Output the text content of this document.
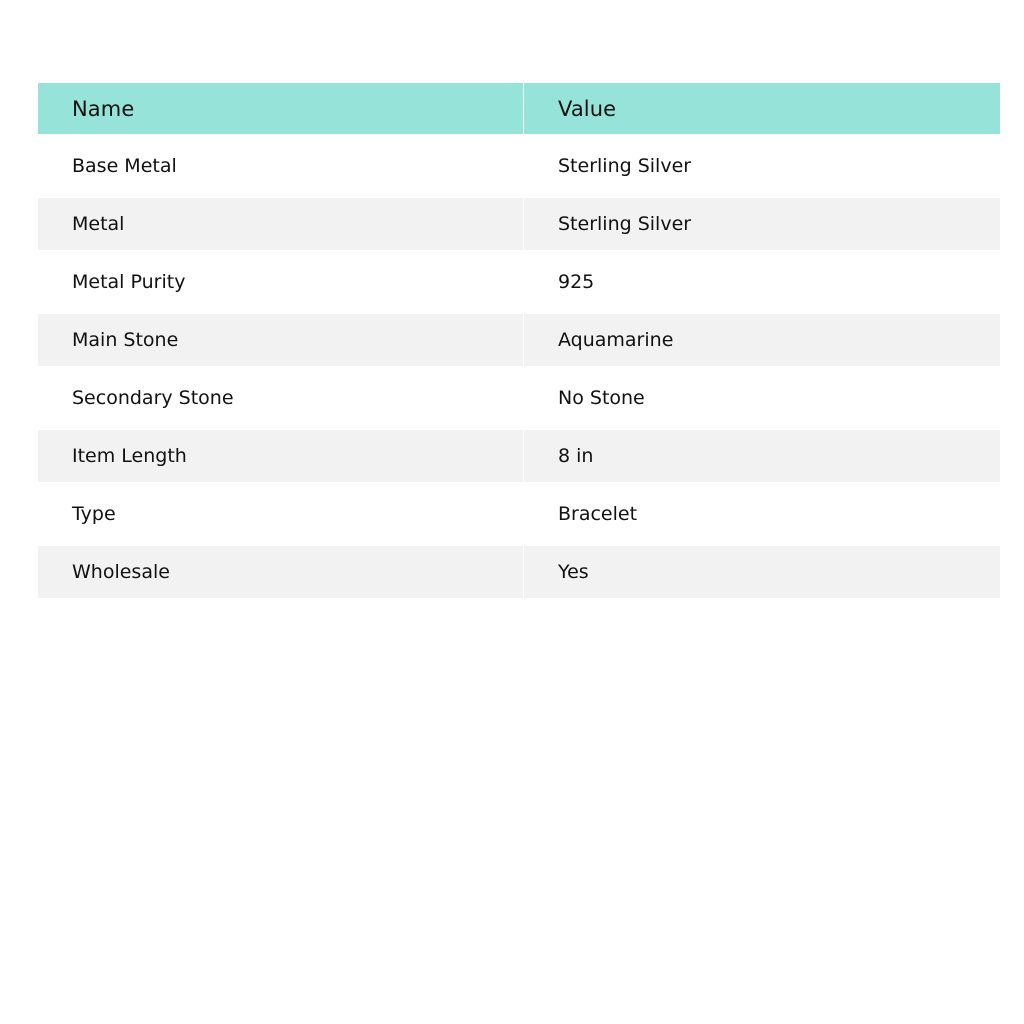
Name	Value
Base Metal	Sterling Silver
Metal	Sterling Silver
Metal Purity	925
Main Stone	Aquamarine
Secondary Stone	No Stone
Item Length	8 in
Type	Bracelet
Wholesale	Yes
